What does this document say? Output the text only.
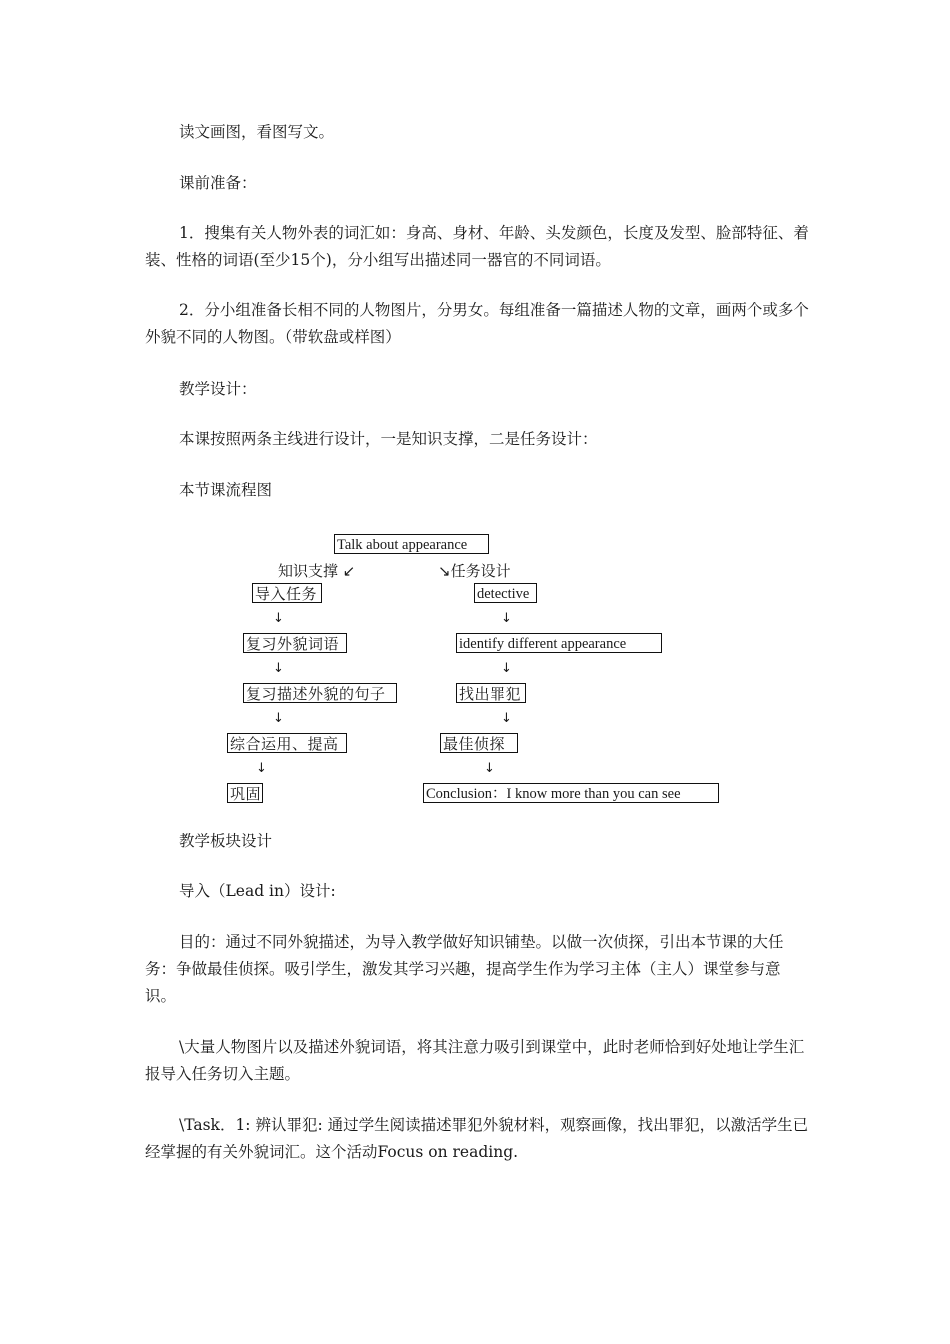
读文画图，看图写文。

课前准备：

1．搜集有关人物外表的词汇如：身高、身材、年龄、头发颜色，长度及发型、脸部特征、着装、性格的词语(至少15个)，分小组写出描述同一器官的不同词语。

2．分小组准备长相不同的人物图片，分男女。每组准备一篇描述人物的文章，画两个或多个外貌不同的人物图。（带软盘或样图）

教学设计：

本课按照两条主线进行设计，一是知识支撑，二是任务设计：

本节课流程图

Talk about appearance
知识支撑 ↙	↘任务设计
导入任务
↓
复习外貌词语
↓
复习描述外貌的句子
↓
综合运用、提高
↓
巩固
detective
↓
identify different appearance
↓
找出罪犯
↓
最佳侦探
↓
Conclusion：I know more than you can see

教学板块设计

导入（Lead in）设计:

目的：通过不同外貌描述，为导入教学做好知识铺垫。以做一次侦探，引出本节课的大任务：争做最佳侦探。吸引学生，激发其学习兴趣，提高学生作为学习主体（主人）课堂参与意识。

\大量人物图片以及描述外貌词语，将其注意力吸引到课堂中，此时老师恰到好处地让学生汇报导入任务切入主题。

\Task．1: 辨认罪犯: 通过学生阅读描述罪犯外貌材料，观察画像，找出罪犯，以激活学生已经掌握的有关外貌词汇。这个活动Focus on reading.
